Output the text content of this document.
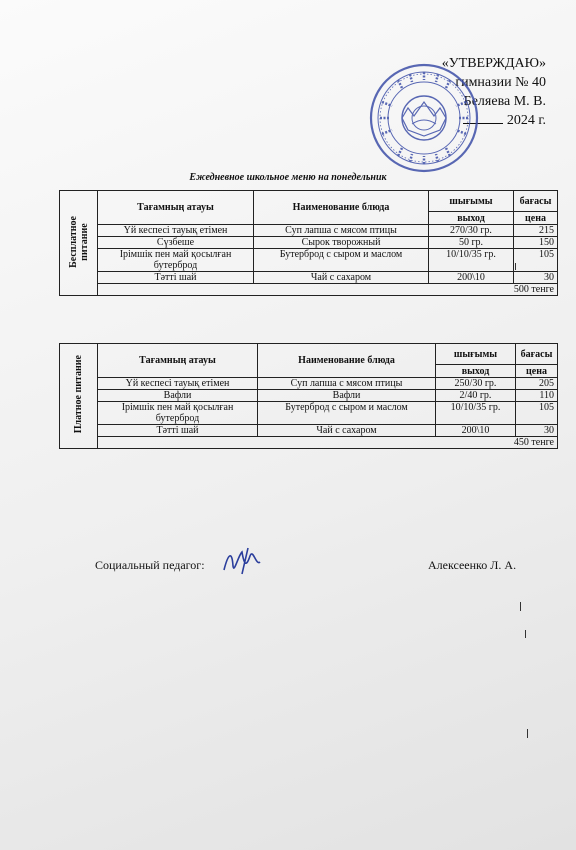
«УТВЕРЖДАЮ»
гимназии № 40
Беляева М. В.
2024 г.
Ежедневное школьное меню на понедельник
Бесплатное
питание	Тағамның атауы	Наименование блюда	шығымы	бағасы
			выход	цена
	Үй кеспесі тауық етімен	Суп лапша с мясом птицы	270/30 гр.	215
	Сүзбеше	Сырок творожный	50 гр.	150
	Ірімшік пен май қосылған бутерброд	Бутерброд с сыром и маслом	10/10/35 гр.	105
	Тәтті шай	Чай с сахаром	200\10	30
	500 тенге			
Платное питание	Тағамның атауы	Наименование блюда	шығымы	бағасы
			выход	цена
	Үй кеспесі тауық етімен	Суп лапша с мясом птицы	250/30 гр.	205
	Вафли	Вафли	2/40 гр.	110
	Ірімшік пен май қосылған бутерброд	Бутерброд с сыром и маслом	10/10/35 гр.	105
	Тәтті шай	Чай с сахаром	200\10	30
	450 тенге			
Социальный педагог:	Алексеенко Л. А.
